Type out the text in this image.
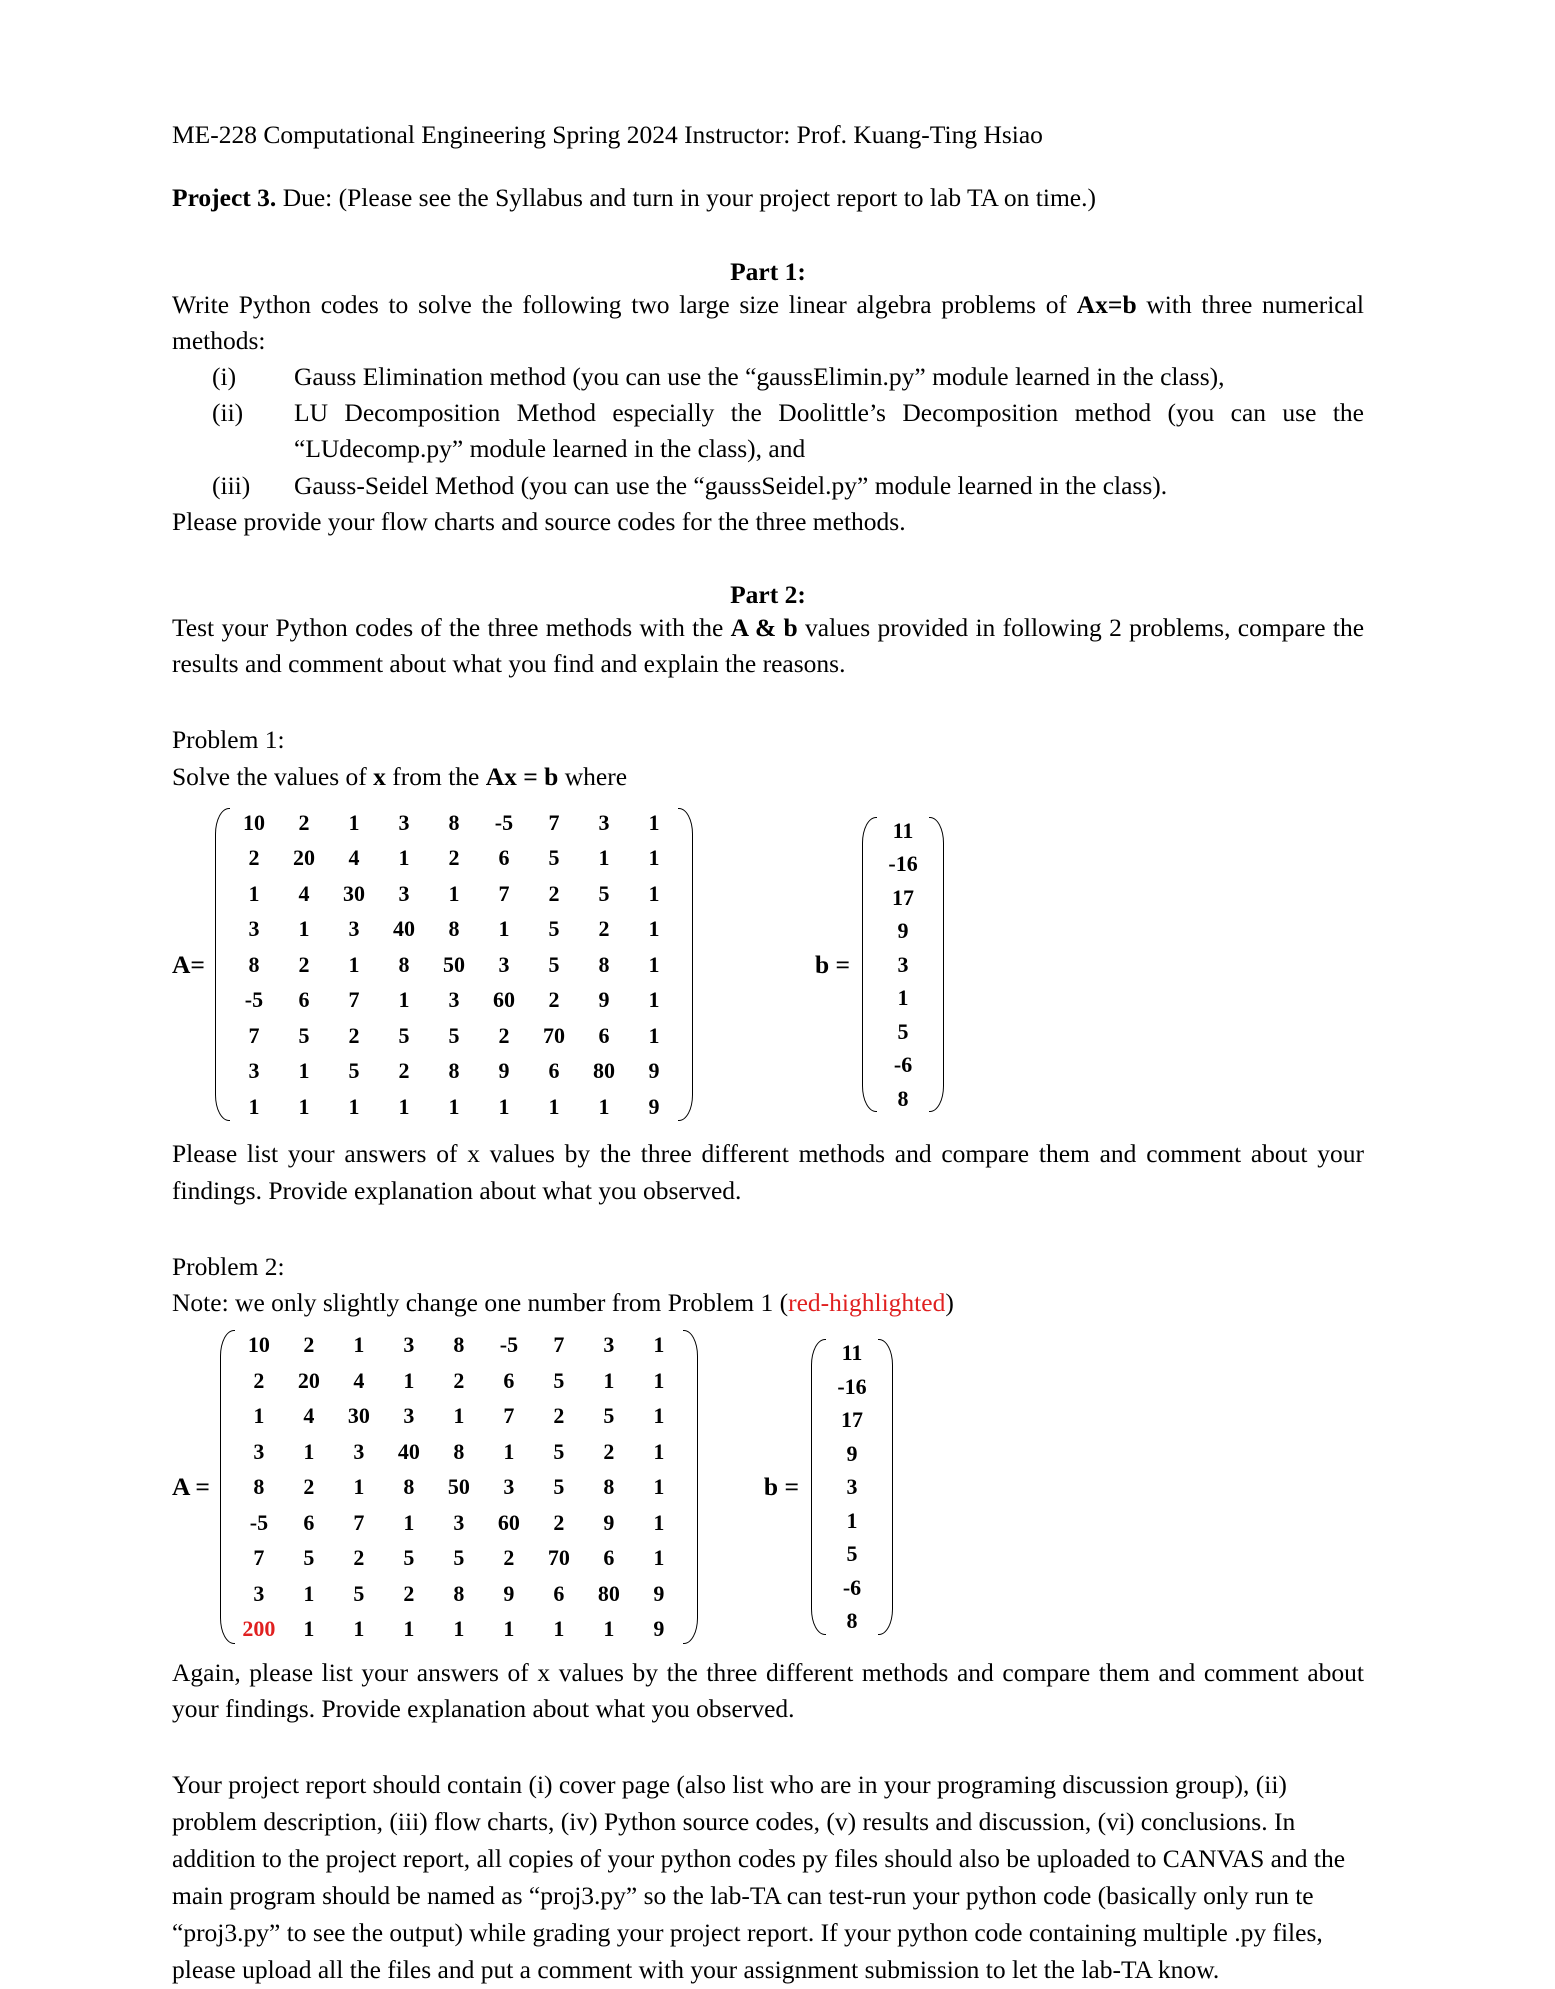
ME-228 Computational Engineering Spring 2024 Instructor: Prof. Kuang-Ting Hsiao
Project 3. Due: (Please see the Syllabus and turn in your project report to lab TA on time.)
Part 1:
Write Python codes to solve the following two large size linear algebra problems of Ax=b with three numerical methods:
(i)	Gauss Elimination method (you can use the “gaussElimin.py” module learned in the class),
(ii)	LU Decomposition Method especially the Doolittle’s Decomposition method (you can use the “LUdecomp.py” module learned in the class), and
(iii)	Gauss-Seidel Method (you can use the “gaussSeidel.py” module learned in the class).
Please provide your flow charts and source codes for the three methods.
Part 2:
Test your Python codes of the three methods with the A & b values provided in following 2 problems, compare the results and comment about what you find and explain the reasons.
Problem 1:
Solve the values of x from the Ax = b where
A=
10	2	1	3	8	-5	7	3	1
2	20	4	1	2	6	5	1	1
1	4	30	3	1	7	2	5	1
3	1	3	40	8	1	5	2	1
8	2	1	8	50	3	5	8	1
-5	6	7	1	3	60	2	9	1
7	5	2	5	5	2	70	6	1
3	1	5	2	8	9	6	80	9
1	1	1	1	1	1	1	1	9
b =
11
-16
17
9
3
1
5
-6
8
Please list your answers of x values by the three different methods and compare them and comment about your findings. Provide explanation about what you observed.
Problem 2:
Note: we only slightly change one number from Problem 1 (red-highlighted)
A =
10	2	1	3	8	-5	7	3	1
2	20	4	1	2	6	5	1	1
1	4	30	3	1	7	2	5	1
3	1	3	40	8	1	5	2	1
8	2	1	8	50	3	5	8	1
-5	6	7	1	3	60	2	9	1
7	5	2	5	5	2	70	6	1
3	1	5	2	8	9	6	80	9
200	1	1	1	1	1	1	1	9
b =
11
-16
17
9
3
1
5
-6
8
Again, please list your answers of x values by the three different methods and compare them and comment about your findings. Provide explanation about what you observed.
Your project report should contain (i) cover page (also list who are in your programing discussion group), (ii) problem description, (iii) flow charts, (iv) Python source codes, (v) results and discussion, (vi) conclusions. In addition to the project report, all copies of your python codes py files should also be uploaded to CANVAS and the main program should be named as “proj3.py” so the lab-TA can test-run your python code (basically only run te “proj3.py” to see the output) while grading your project report. If your python code containing multiple .py files, please upload all the files and put a comment with your assignment submission to let the lab-TA know.
